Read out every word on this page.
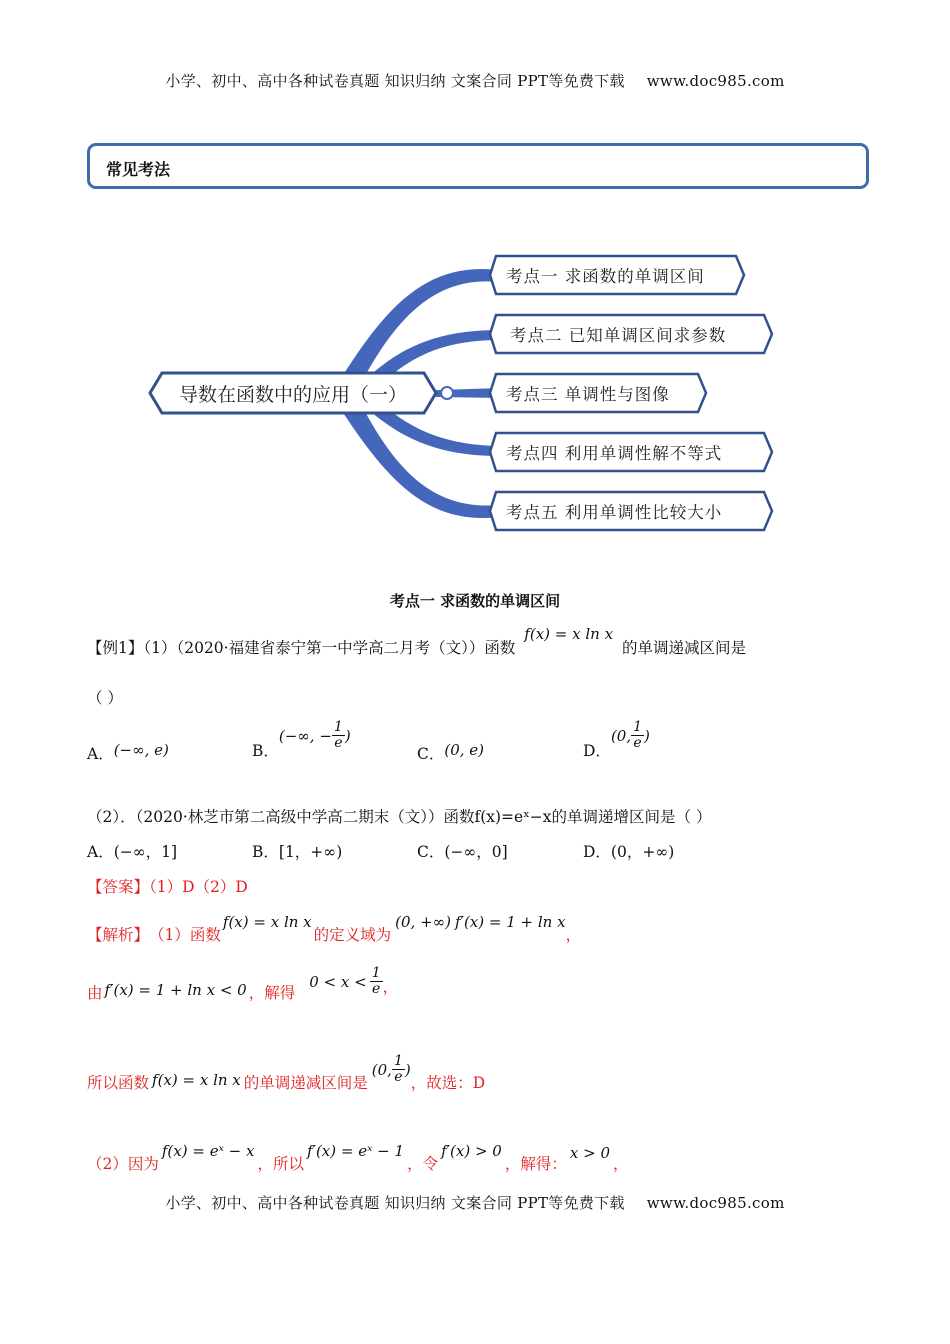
小学、初中、高中各种试卷真题 知识归纳 文案合同 PPT等免费下载 www.doc985.com
常见考法
导数在函数中的应用（一）
考点一 求函数的单调区间
考点二 已知单调区间求参数
考点三 单调性与图像
考点四 利用单调性解不等式
考点五 利用单调性比较大小
考点一 求函数的单调区间
【例1】（1）（2020·福建省泰宁第一中学高二月考（文））函数 f(x) = x ln x 的单调递减区间是
（ ）
A．(−∞, e)	B．
(−∞, − $\frac{1}{e}$ )
C．(0, e)	D．
(0, $\frac{1}{e}$ )
（2）．（2020·林芝市第二高级中学高二期末（文））函数f(x)=eˣ−x的单调递增区间是（ ）
A．(−∞，1]	B．[1，+∞)	C．(−∞，0]	D．(0，+∞)
【答案】（1）D（2）D
【解析】 （1）函数
f(x) = x ln x
的定义域为
(0, +∞) f′(x) = 1 + ln x
，
由 f′(x) = 1 + ln x < 0 ，解得
$0 < x < \frac{1}{e}$ ，
所以函数 f(x) = x ln x 的单调递减区间是
(0, $\frac{1}{e}$ )
，故选：D
（2）因为
f(x) = eˣ − x
，所以
f′(x) = eˣ − 1
，令
f′(x) > 0
，解得：
x > 0
，
小学、初中、高中各种试卷真题 知识归纳 文案合同 PPT等免费下载 www.doc985.com
